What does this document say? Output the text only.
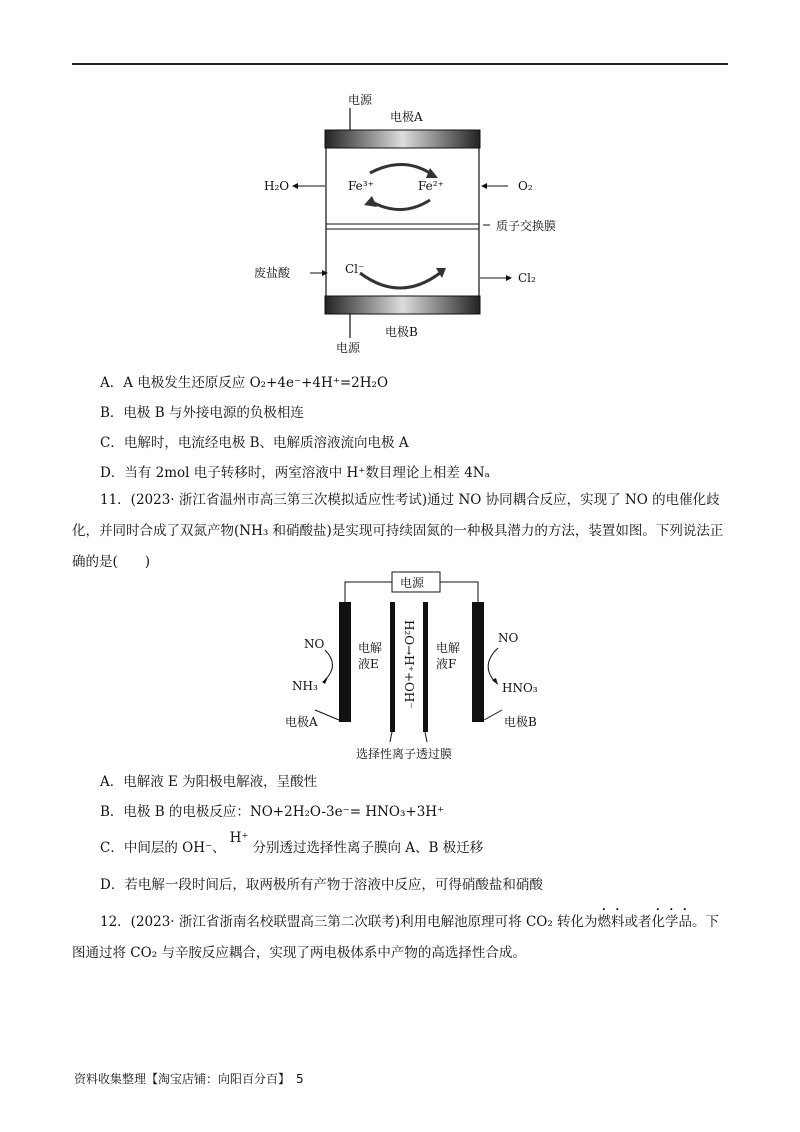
电源
电极A
H₂O	Fe³⁺	Fe²⁺	O₂
质子交换膜
废盐酸	Cl⁻
Cl₂
电源
电极B
A．A 电极发生还原反应 O₂+4e⁻+4H⁺=2H₂O
B．电极 B 与外接电源的负极相连
C．电解时，电流经电极 B、电解质溶液流向电极 A
D．当有 2mol 电子转移时，两室溶液中 H⁺数目理论上相差 4Nₐ
11．(2023· 浙江省温州市高三第三次模拟适应性考试)通过 NO 协同耦合反应，实现了 NO 的电催化歧化，并同时合成了双氮产物(NH₃ 和硝酸盐)是实现可持续固氮的一种极具潜力的方法，装置如图。下列说法正确的是(　　)
电源
NO
NH₃
电解
液E H₂O→H⁺+OH⁻ 电解
液F
NO
HNO₃
电极A	电极B
选择性离子透过膜
A．电解液 E 为阳极电解液，呈酸性
B．电极 B 的电极反应：NO+2H₂O-3e⁻= HNO₃+3H⁺
C．中间层的 OH⁻、H⁺分别透过选择性离子膜向 A、B 极迁移
D．若电解一段时间后，取两极所有产物于溶液中反应，可得硝酸盐和硝酸
12．(2023· 浙江省浙南名校联盟高三第二次联考)利用电解池原理可将 CO₂ 转化为燃料或者化学品。下图通过将 CO₂ 与辛胺反应耦合，实现了两电极体系中产物的高选择性合成。
资料收集整理【淘宝店铺：向阳百分百】　5
